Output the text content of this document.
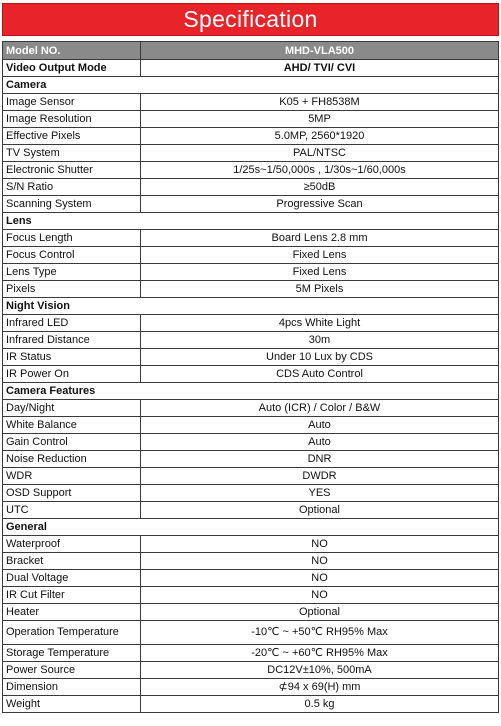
Specification
Model NO.	MHD-VLA500
Video Output Mode	AHD/ TVI/ CVI
Camera	
Image Sensor	K05 + FH8538M
Image Resolution	5MP
Effective Pixels	5.0MP, 2560*1920
TV System	PAL/NTSC
Electronic Shutter	1/25s~1/50,000s , 1/30s~1/60,000s
S/N Ratio	≥50dB
Scanning System	Progressive Scan
Lens	
Focus Length	Board Lens 2.8 mm
Focus Control	Fixed Lens
Lens Type	Fixed Lens
Pixels	5M Pixels
Night Vision	
Infrared LED	4pcs White Light
Infrared Distance	30m
IR Status	Under 10 Lux by CDS
IR Power On	CDS Auto Control
Camera Features	
Day/Night	Auto (ICR) / Color / B&W
White Balance	Auto
Gain Control	Auto
Noise Reduction	DNR
WDR	DWDR
OSD Support	YES
UTC	Optional
General	
Waterproof	NO
Bracket	NO
Dual Voltage	NO
IR Cut Filter	NO
Heater	Optional
Operation Temperature	-10℃ ~ +50℃ RH95% Max
Storage Temperature	-20℃ ~ +60℃ RH95% Max
Power Source	DC12V±10%, 500mA
Dimension	⊄94 x 69(H) mm
Weight	0.5 kg
